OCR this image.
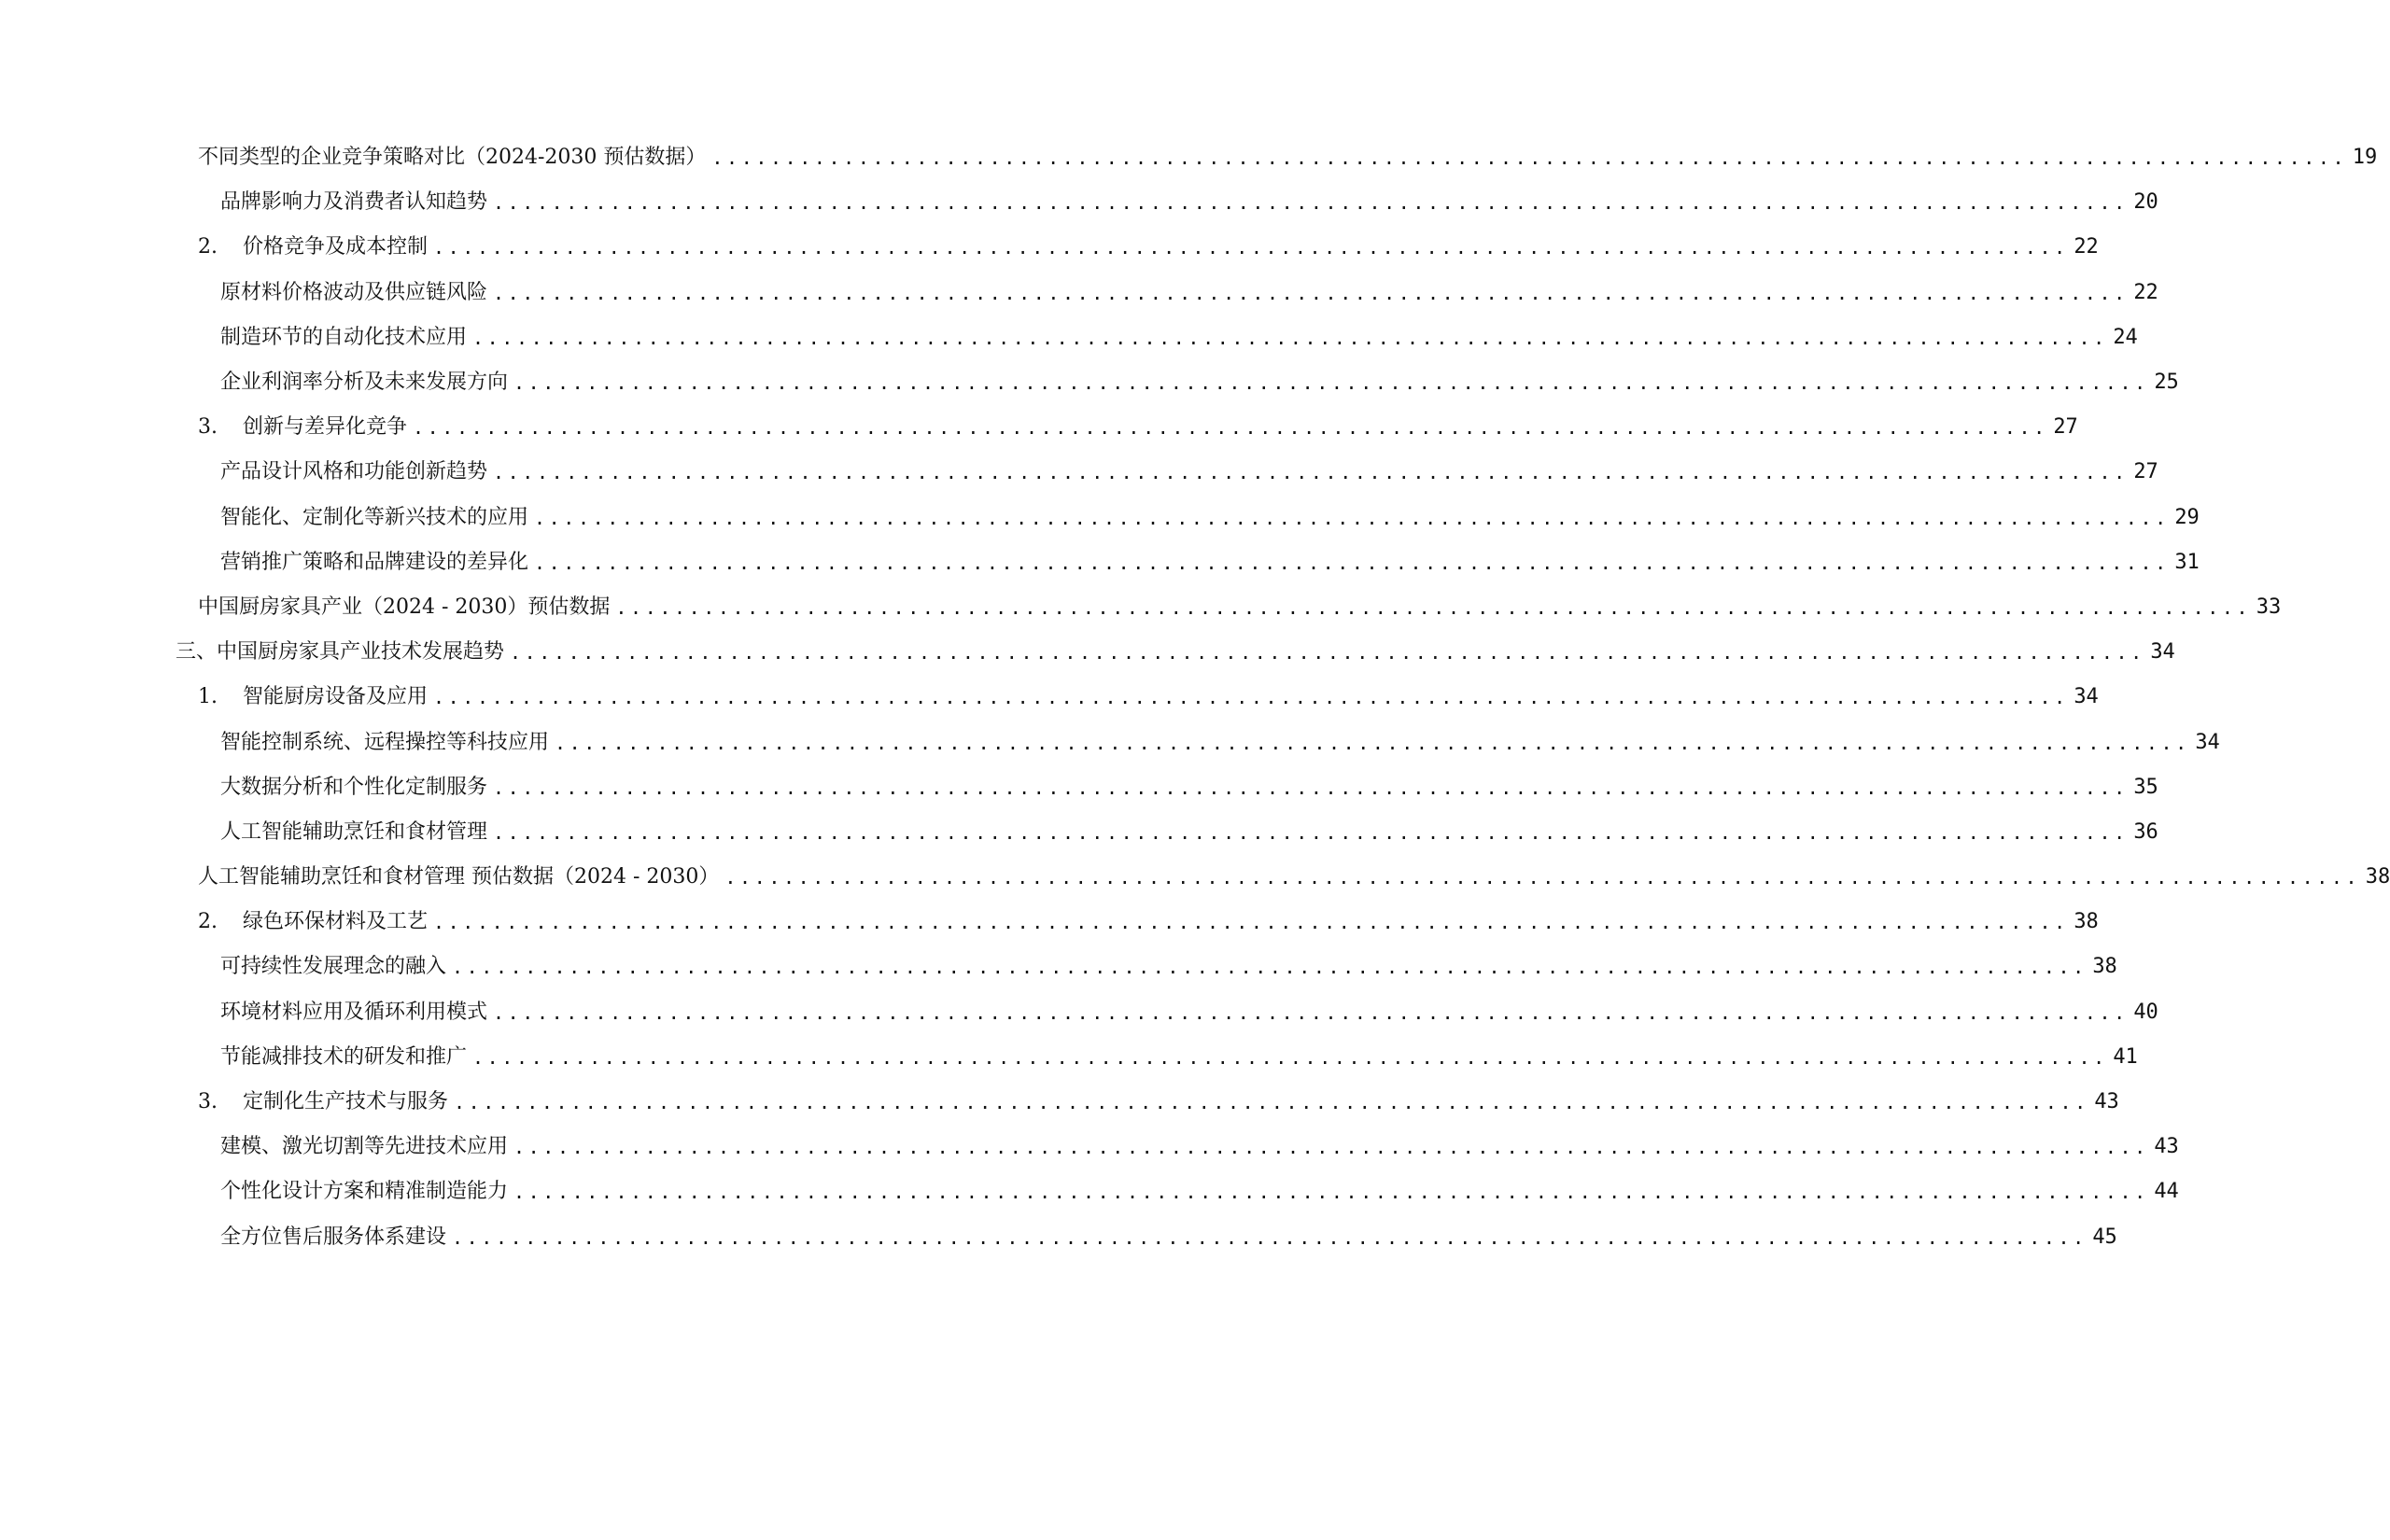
不同类型的企业竞争策略对比（2024-2030 预估数据） ................................................................................................................ 19
品牌影响力及消费者认知趋势 ................................................................................................................ 20
2.	价格竞争及成本控制 ................................................................................................................ 22
原材料价格波动及供应链风险 ................................................................................................................ 22
制造环节的自动化技术应用 ................................................................................................................ 24
企业利润率分析及未来发展方向 ................................................................................................................ 25
3.	创新与差异化竞争 ................................................................................................................ 27
产品设计风格和功能创新趋势 ................................................................................................................ 27
智能化、定制化等新兴技术的应用 ................................................................................................................ 29
营销推广策略和品牌建设的差异化 ................................................................................................................ 31
中国厨房家具产业（2024 - 2030）预估数据 ................................................................................................................ 33
三、中国厨房家具产业技术发展趋势 ................................................................................................................ 34
1.	智能厨房设备及应用 ................................................................................................................ 34
智能控制系统、远程操控等科技应用 ................................................................................................................ 34
大数据分析和个性化定制服务 ................................................................................................................ 35
人工智能辅助烹饪和食材管理 ................................................................................................................ 36
人工智能辅助烹饪和食材管理 预估数据（2024 - 2030） ................................................................................................................ 38
2.	绿色环保材料及工艺 ................................................................................................................ 38
可持续性发展理念的融入 ................................................................................................................ 38
环境材料应用及循环利用模式 ................................................................................................................ 40
节能减排技术的研发和推广 ................................................................................................................ 41
3.	定制化生产技术与服务 ................................................................................................................ 43
建模、激光切割等先进技术应用 ................................................................................................................ 43
个性化设计方案和精准制造能力 ................................................................................................................ 44
全方位售后服务体系建设 ................................................................................................................ 45
